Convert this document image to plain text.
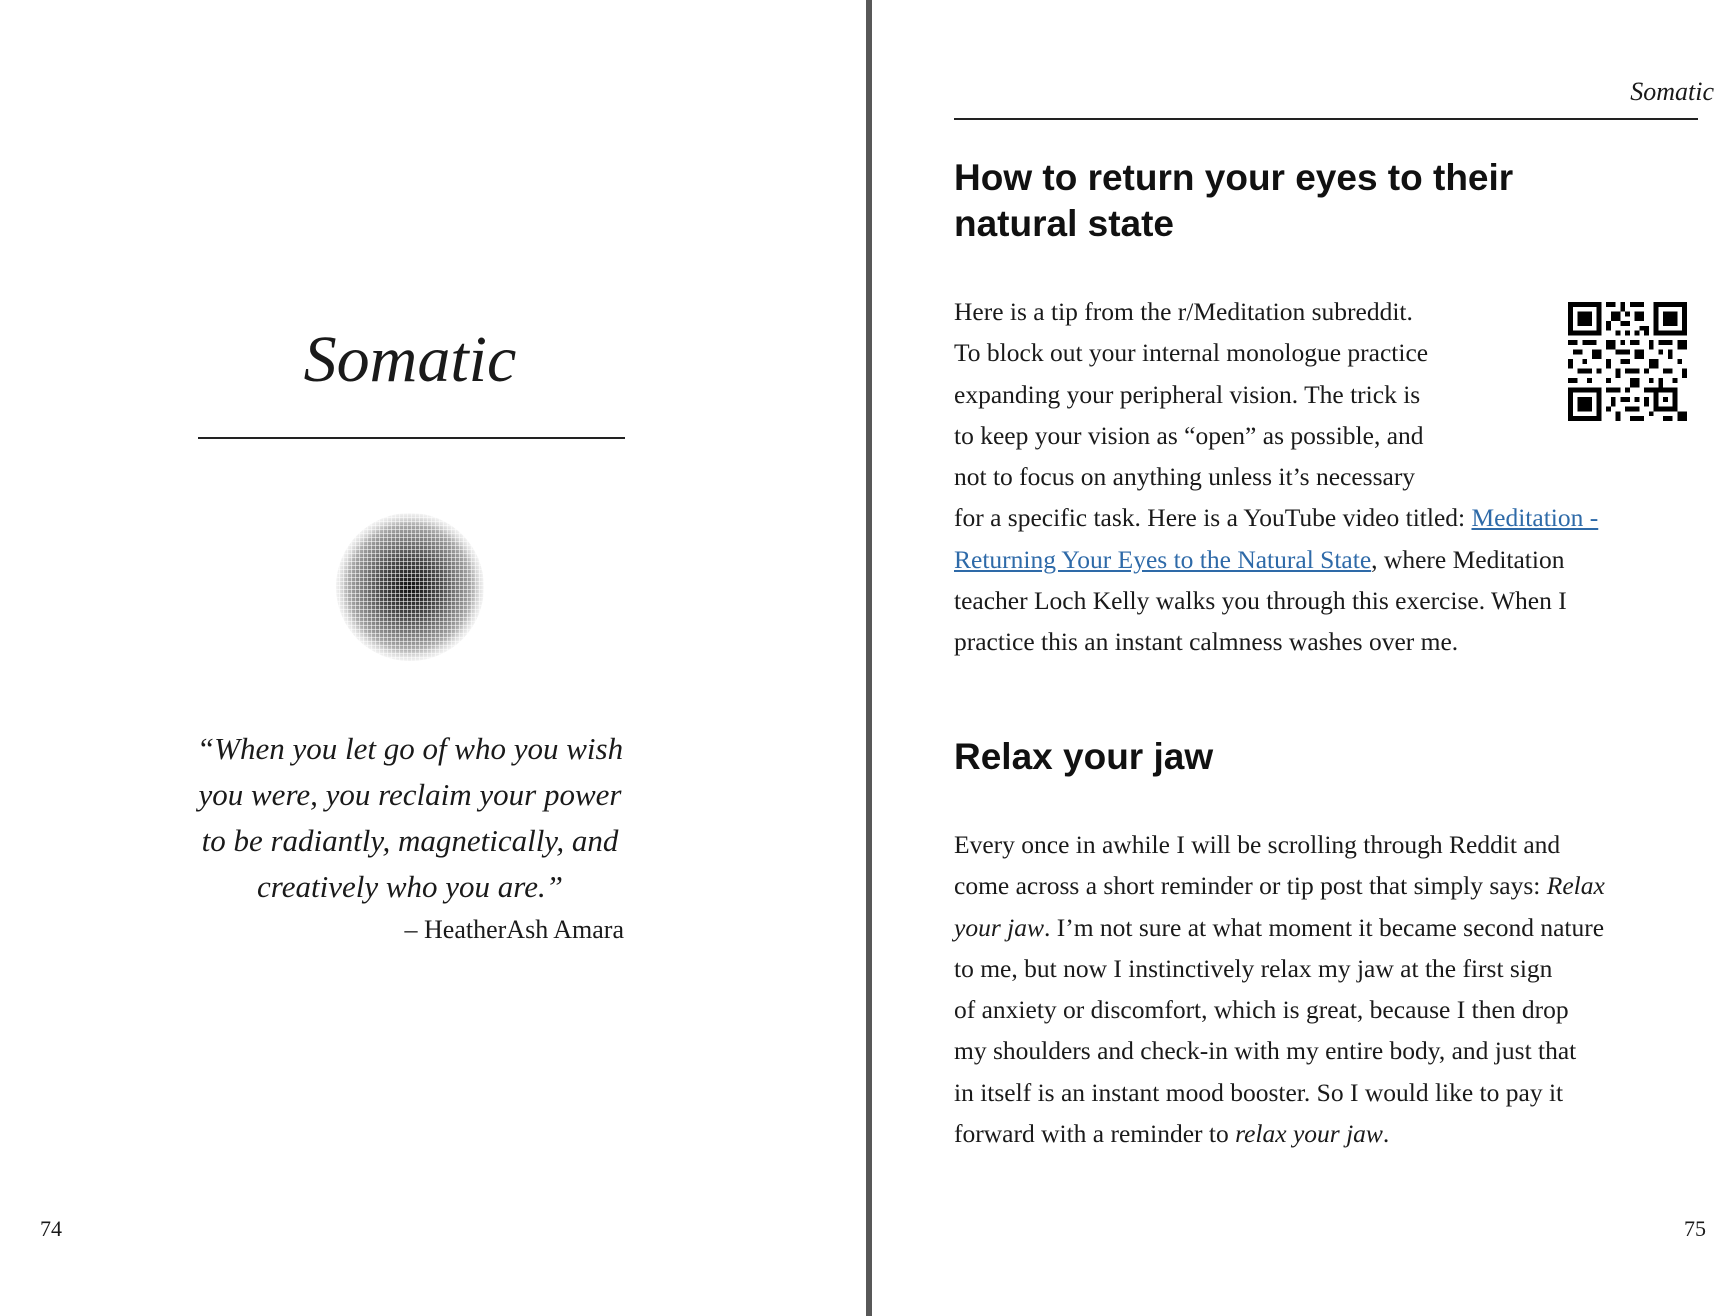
Somatic

“When you let go of who you wish
you were, you reclaim your power
to be radiantly, magnetically, and
creatively who you are.”

– HeatherAsh Amara

74

Somatic

How to return your eyes to their
natural state

Here is a tip from the r/Meditation subreddit.
To block out your internal monologue practice
expanding your peripheral vision. The trick is
to keep your vision as “open” as possible, and
not to focus on anything unless it’s necessary
for a specific task. Here is a YouTube video titled: Meditation -
Returning Your Eyes to the Natural State, where Meditation
teacher Loch Kelly walks you through this exercise. When I
practice this an instant calmness washes over me.

Relax your jaw

Every once in awhile I will be scrolling through Reddit and
come across a short reminder or tip post that simply says: Relax
your jaw. I’m not sure at what moment it became second nature
to me, but now I instinctively relax my jaw at the first sign
of anxiety or discomfort, which is great, because I then drop
my shoulders and check-in with my entire body, and just that
in itself is an instant mood booster. So I would like to pay it
forward with a reminder to relax your jaw.

75
